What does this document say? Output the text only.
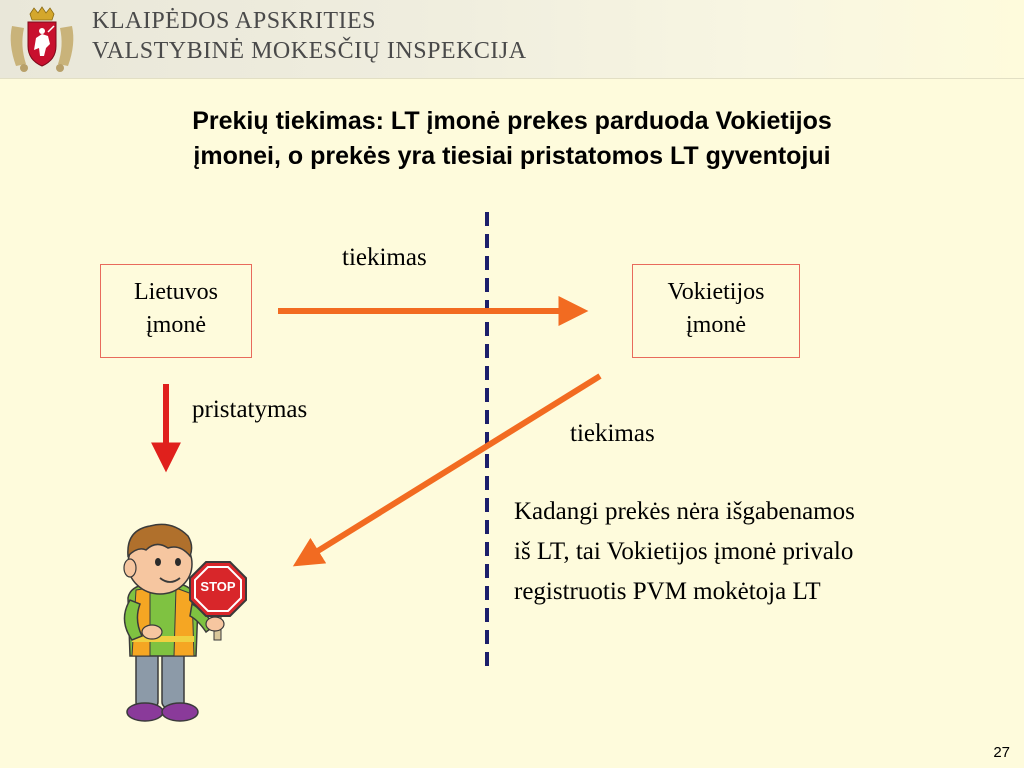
KLAIPĖDOS APSKRITIES
VALSTYBINĖ MOKESČIŲ INSPEKCIJA
Prekių tiekimas: LT įmonė prekes parduoda Vokietijos
įmonei, o prekės yra tiesiai pristatomos LT gyventojui
STOP
Lietuvos
įmonė
Vokietijos
įmonė
tiekimas
pristatymas
tiekimas
Kadangi prekės nėra išgabenamos
iš LT, tai Vokietijos įmonė privalo
registruotis PVM mokėtoja LT
27
